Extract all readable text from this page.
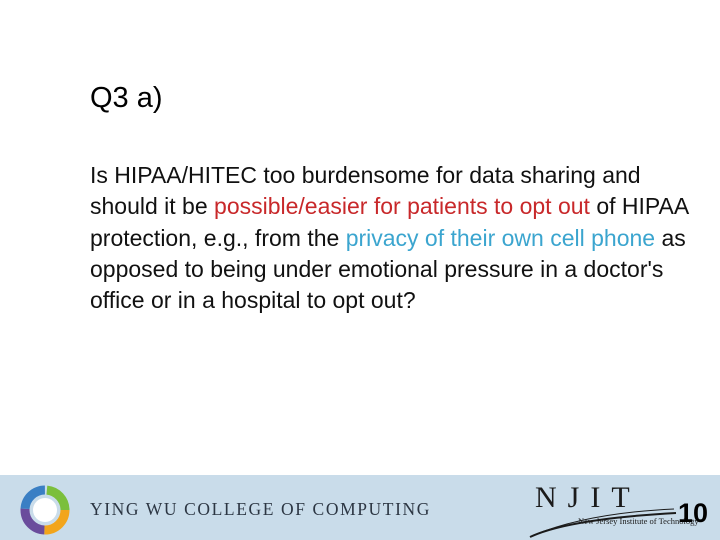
Q3 a)
Is HIPAA/HITEC too burdensome for data sharing and should it be possible/easier for patients to opt out of HIPAA protection, e.g., from the privacy of their own cell phone as opposed to being under emotional pressure in a doctor's office or in a hospital to opt out?
YING WU COLLEGE OF COMPUTING	NJIT
New Jersey Institute of Technology
10
